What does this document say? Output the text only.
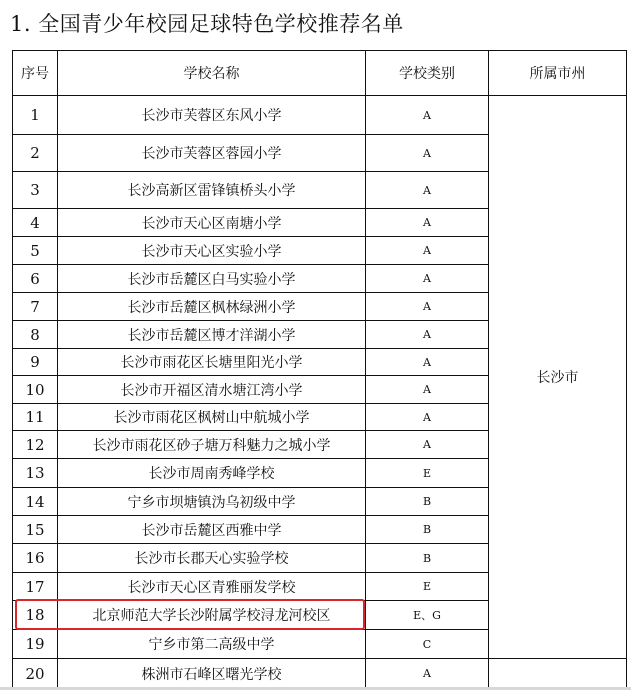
1. 全国青少年校园足球特色学校推荐名单
序号	学校名称	学校类别	所属市州
1	长沙市芙蓉区东风小学	A	长沙市
2	长沙市芙蓉区蓉园小学	A	
3	长沙高新区雷锋镇桥头小学	A	
4	长沙市天心区南塘小学	A	
5	长沙市天心区实验小学	A	
6	长沙市岳麓区白马实验小学	A	
7	长沙市岳麓区枫林绿洲小学	A	
8	长沙市岳麓区博才洋湖小学	A	
9	长沙市雨花区长塘里阳光小学	A	
10	长沙市开福区清水塘江湾小学	A	
11	长沙市雨花区枫树山中航城小学	A	
12	长沙市雨花区砂子塘万科魅力之城小学	A	
13	长沙市周南秀峰学校	E	
14	宁乡市坝塘镇沩乌初级中学	B	
15	长沙市岳麓区西雅中学	B	
16	长沙市长郡天心实验学校	B	
17	长沙市天心区青雅丽发学校	E	
18	北京师范大学长沙附属学校浔龙河校区	E、G	
19	宁乡市第二高级中学	C	
20	株洲市石峰区曙光学校	A	
